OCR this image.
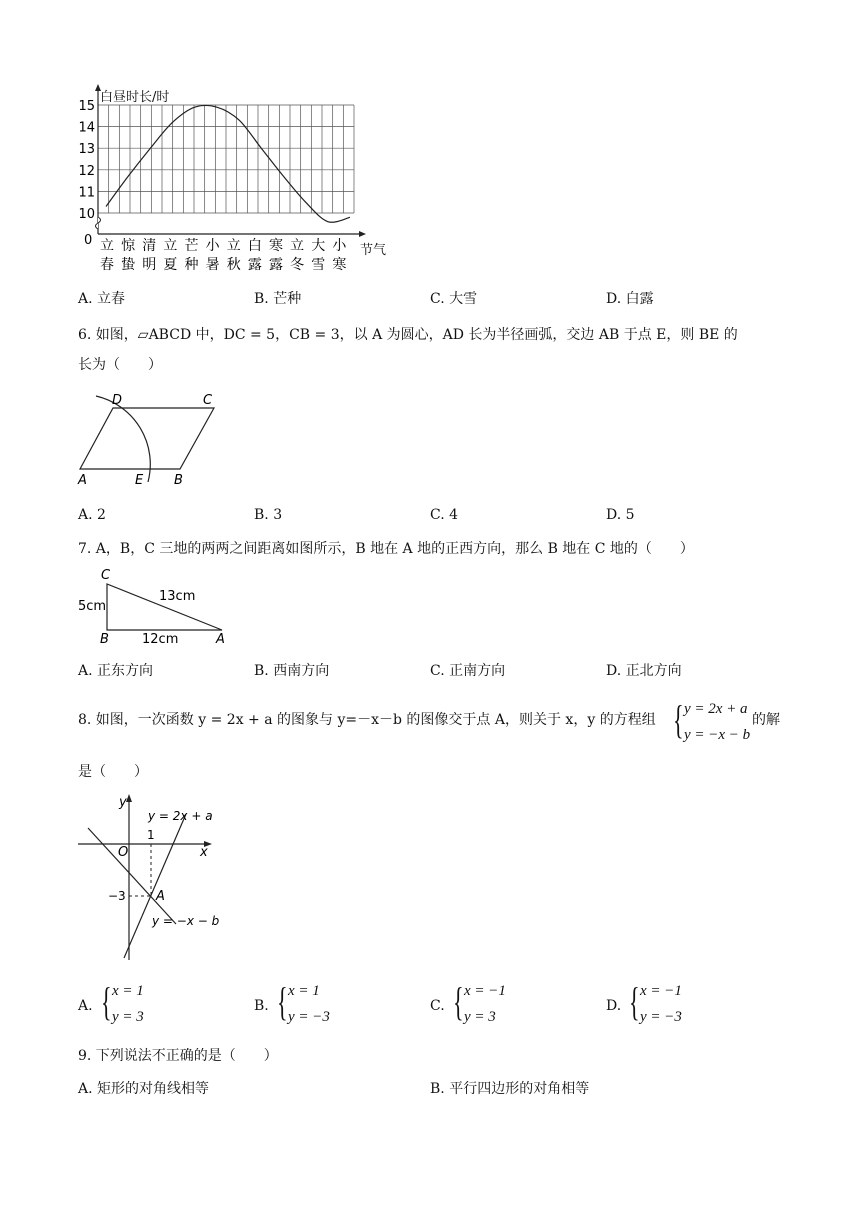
白昼时长/时
节气
15
14
13
12
11
10
0 立
春
惊
蛰
清
明
立
夏
芒
种
小
暑
立
秋
白
露
寒
露
立
冬
大
雪
小
寒
A. 立春	B. 芒种	C. 大雪	D. 白露
6. 如图，▱ABCD 中，DC = 5，CB = 3，以 A 为圆心，AD 长为半径画弧，交边 AB 于点 E，则 BE 的
长为（　　）
D	C
A	E B
A. 2	B. 3	C. 4	D. 5
7. A，B，C 三地的两两之间距离如图所示，B 地在 A 地的正西方向，那么 B 地在 C 地的（　　）
C
B	A
5cm
13cm
12cm
A. 正东方向	B. 西南方向	C. 正南方向	D. 正北方向
8. 如图，一次函数 y = 2x + a 的图象与 y=－x－b 的图像交于点 A，则关于 x，y 的方程组 { y = 2x + a
y = −x − b
的解
是（　　）
y
x
O
1
−3 A
y = 2x + a
y = −x − b
A. { x = 1
y = 3
B. { x = 1
y = −3
C. { x = −1
y = 3
D. { x = −1
y = −3
9. 下列说法不正确的是（　　）
A. 矩形的对角线相等	B. 平行四边形的对角相等
